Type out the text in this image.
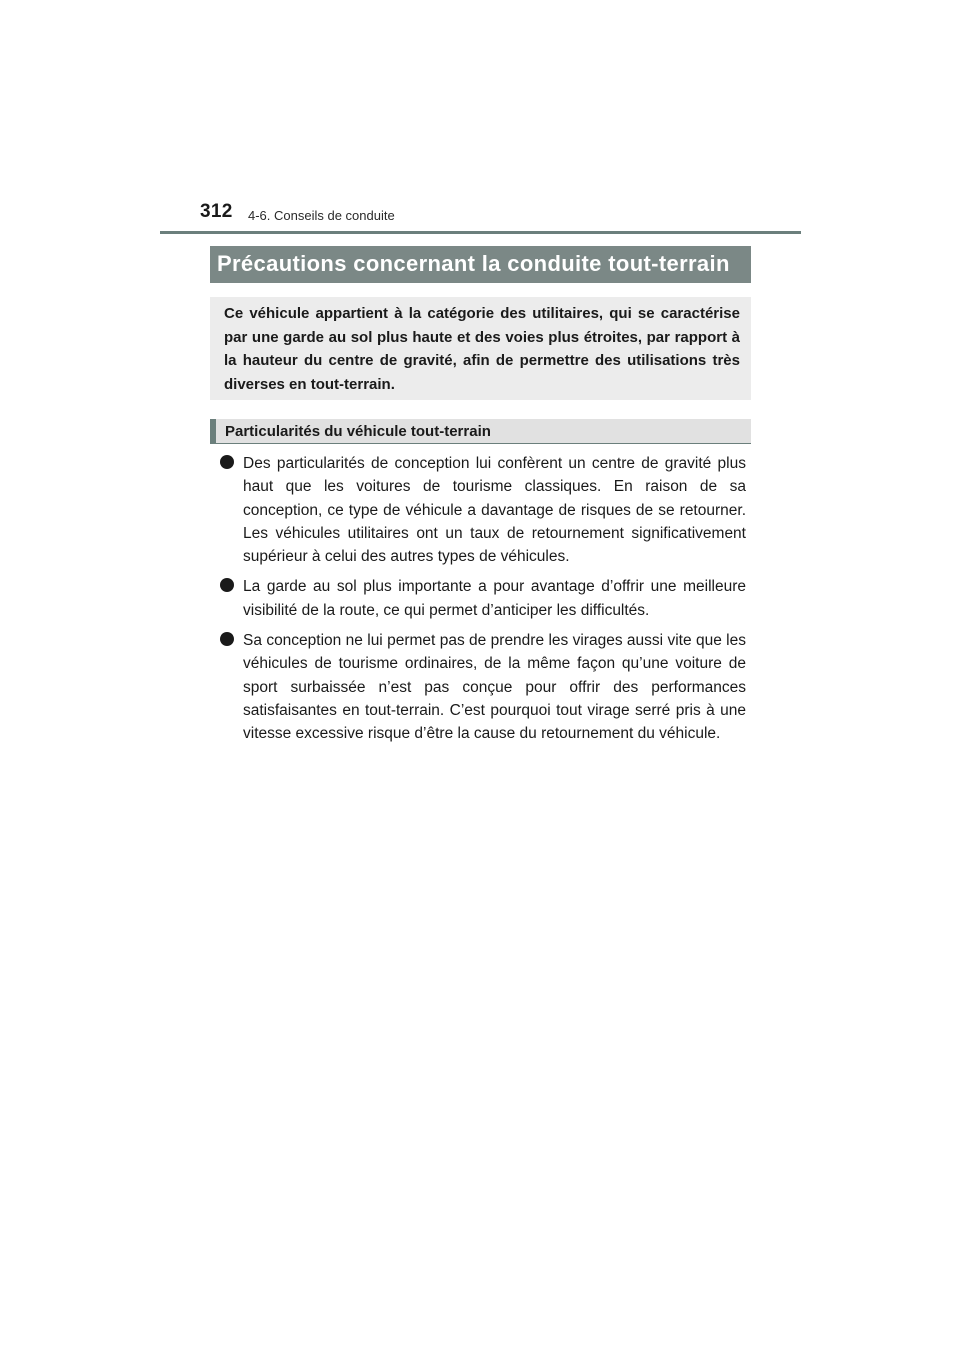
312 4-6. Conseils de conduite
Précautions concernant la conduite tout-terrain

Ce véhicule appartient à la catégorie des utilitaires, qui se caractérise par une garde au sol plus haute et des voies plus étroites, par rapport à la hauteur du centre de gravité, afin de permettre des utilisations très diverses en tout-terrain.

Particularités du véhicule tout-terrain
Des particularités de conception lui confèrent un centre de gravité plus haut que les voitures de tourisme classiques. En raison de sa conception, ce type de véhicule a davantage de risques de se retourner. Les véhicules utilitaires ont un taux de retournement significativement supérieur à celui des autres types de véhicules.
La garde au sol plus importante a pour avantage d’offrir une meilleure visibilité de la route, ce qui permet d’anticiper les difficultés.
Sa conception ne lui permet pas de prendre les virages aussi vite que les véhicules de tourisme ordinaires, de la même façon qu’une voiture de sport surbaissée n’est pas conçue pour offrir des performances satisfaisantes en tout-terrain. C’est pourquoi tout virage serré pris à une vitesse excessive risque d’être la cause du retournement du véhicule.
